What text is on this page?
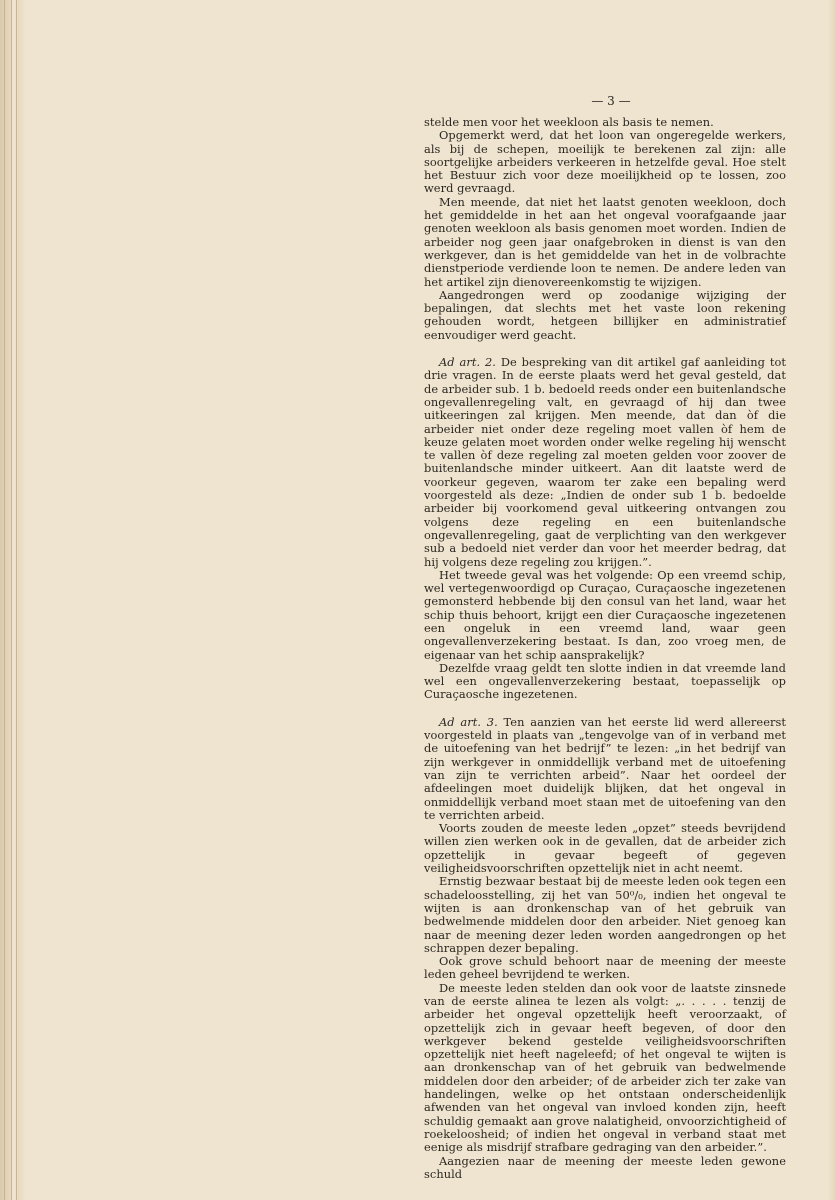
— 3 —

stelde men voor het weekloon als basis te nemen.

Opgemerkt werd, dat het loon van ongeregelde werkers, als bij de schepen, moeilijk te berekenen zal zijn: alle soortgelijke arbeiders verkeeren in hetzelfde geval. Hoe stelt het Bestuur zich voor deze moeilijkheid op te lossen, zoo werd gevraagd.

Men meende, dat niet het laatst genoten weekloon, doch het gemiddelde in het aan het ongeval voorafgaande jaar genoten weekloon als basis genomen moet worden. Indien de arbeider nog geen jaar onafgebroken in dienst is van den werkgever, dan is het gemiddelde van het in de volbrachte dienstperiode verdiende loon te nemen. De andere leden van het artikel zijn dienovereenkomstig te wijzigen.

Aangedrongen werd op zoodanige wijziging der bepalingen, dat slechts met het vaste loon rekening gehouden wordt, hetgeen billijker en administratief eenvoudiger werd geacht.

Ad art. 2. De bespreking van dit artikel gaf aanleiding tot drie vragen. In de eerste plaats werd het geval gesteld, dat de arbeider sub. 1 b. bedoeld reeds onder een buitenlandsche ongevallenregeling valt, en gevraagd of hij dan twee uitkeeringen zal krijgen. Men meende, dat dan òf die arbeider niet onder deze regeling moet vallen òf hem de keuze gelaten moet worden onder welke regeling hij wenscht te vallen òf deze regeling zal moeten gelden voor zoover de buitenlandsche minder uitkeert. Aan dit laatste werd de voorkeur gegeven, waarom ter zake een bepaling werd voorgesteld als deze: „Indien de onder sub 1 b. bedoelde arbeider bij voorkomend geval uitkeering ontvangen zou volgens deze regeling en een buitenlandsche ongevallenregeling, gaat de verplichting van den werkgever sub a bedoeld niet verder dan voor het meerder bedrag, dat hij volgens deze regeling zou krijgen.”.

Het tweede geval was het volgende: Op een vreemd schip, wel vertegenwoordigd op Curaçao, Curaçaosche ingezetenen gemonsterd hebbende bij den consul van het land, waar het schip thuis behoort, krijgt een dier Curaçaosche ingezetenen een ongeluk in een vreemd land, waar geen ongevallenverzekering bestaat. Is dan, zoo vroeg men, de eigenaar van het schip aansprakelijk?

Dezelfde vraag geldt ten slotte indien in dat vreemde land wel een ongevallenverzekering bestaat, toepasselijk op Curaçaosche ingezetenen.

Ad art. 3. Ten aanzien van het eerste lid werd allereerst voorgesteld in plaats van „tengevolge van of in verband met de uitoefening van het bedrijf” te lezen: „in het bedrijf van zijn werkgever in onmiddellijk verband met de uitoefening van zijn te verrichten arbeid”. Naar het oordeel der afdeelingen moet duidelijk blijken, dat het ongeval in onmiddellijk verband moet staan met de uitoefening van den te verrichten arbeid.

Voorts zouden de meeste leden „opzet” steeds bevrijdend willen zien werken ook in de gevallen, dat de arbeider zich opzettelijk in gevaar begeeft of gegeven veiligheidsvoorschriften opzettelijk niet in acht neemt.

Ernstig bezwaar bestaat bij de meeste leden ook tegen een schadeloosstelling, zij het van 50⁰/₀, indien het ongeval te wijten is aan dronkenschap van of het gebruik van bedwelmende middelen door den arbeider. Niet genoeg kan naar de meening dezer leden worden aangedrongen op het schrappen dezer bepaling.

Ook grove schuld behoort naar de meening der meeste leden geheel bevrijdend te werken.

De meeste leden stelden dan ook voor de laatste zinsnede van de eerste alinea te lezen als volgt: „. . . . . tenzij de arbeider het ongeval opzettelijk heeft veroorzaakt, of opzettelijk zich in gevaar heeft begeven, of door den werkgever bekend gestelde veiligheidsvoorschriften opzettelijk niet heeft nageleefd; of het ongeval te wijten is aan dronkenschap van of het gebruik van bedwelmende middelen door den arbeider; of de arbeider zich ter zake van handelingen, welke op het ontstaan onderscheidenlijk afwenden van het ongeval van invloed konden zijn, heeft schuldig gemaakt aan grove nalatigheid, onvoorzichtigheid of roekeloosheid; of indien het ongeval in verband staat met eenige als misdrijf strafbare gedraging van den arbeider.”.

Aangezien naar de meening der meeste leden gewone schuld
